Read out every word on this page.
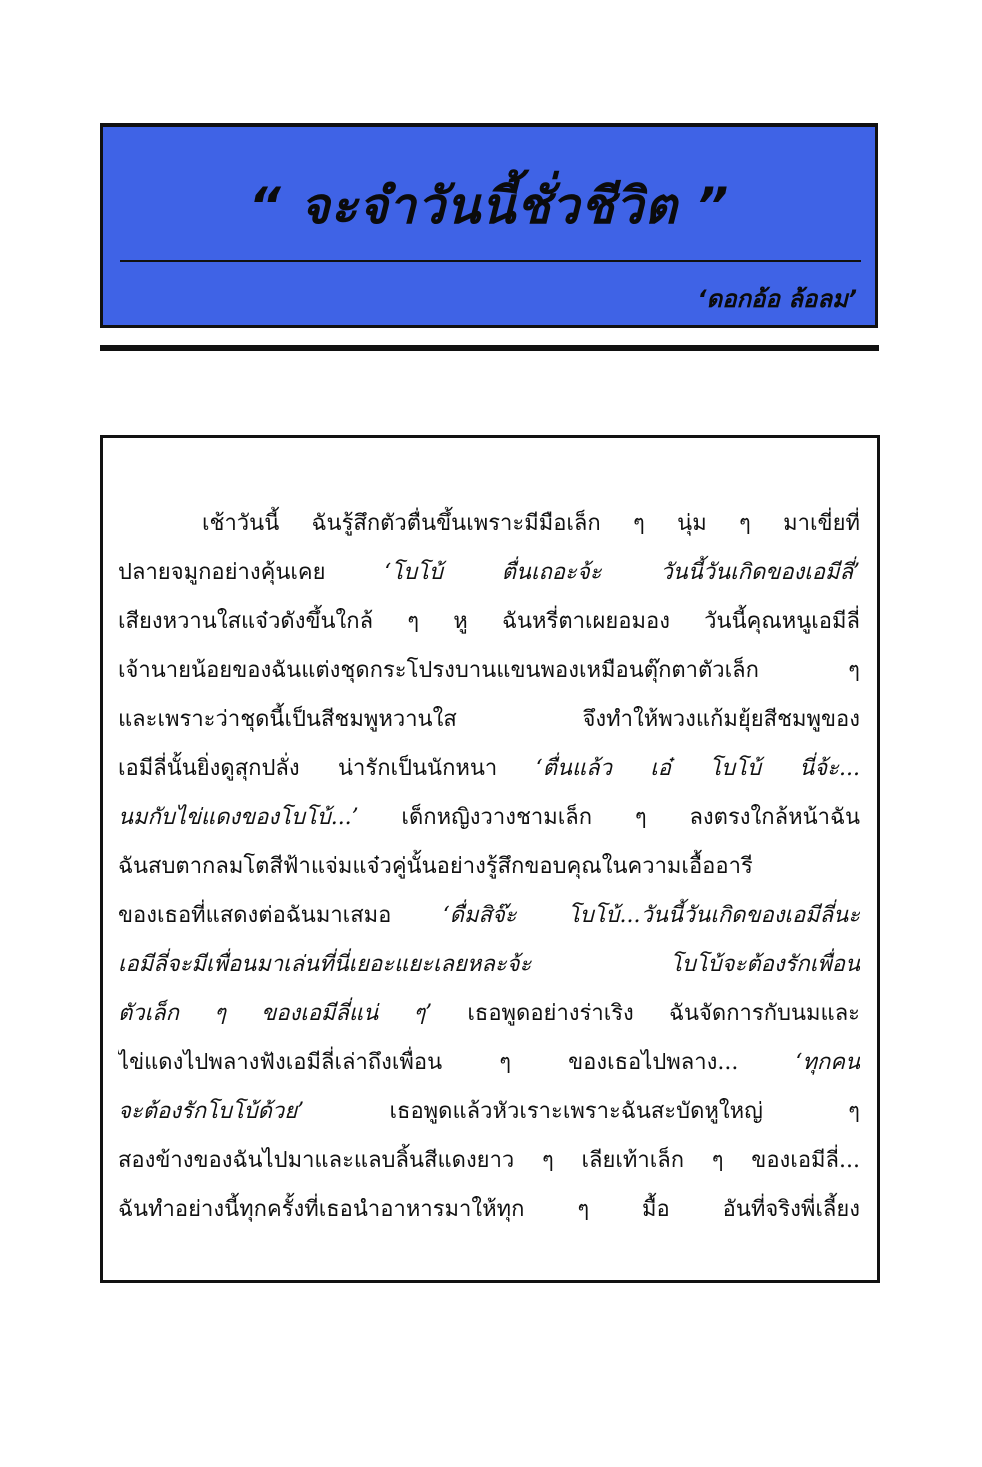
“ จะจำวันนี้ชั่วชีวิต ”
‘ดอกอ้อ ล้อลม’
เช้าวันนี้ ฉันรู้สึกตัวตื่นขึ้นเพราะมีมือเล็ก ๆ นุ่ม ๆ มาเขี่ยที่
ปลายจมูกอย่างคุ้นเคย ‘โบโบ้ ตื่นเถอะจ้ะ วันนี้วันเกิดของเอมีลี่’
เสียงหวานใสแจ๋วดังขึ้นใกล้ ๆ หู ฉันหรี่ตาเผยอมอง วันนี้คุณหนูเอมีลี่
เจ้านายน้อยของฉันแต่งชุดกระโปรงบานแขนพองเหมือนตุ๊กตาตัวเล็ก ๆ
และเพราะว่าชุดนี้เป็นสีชมพูหวานใส จึงทำให้พวงแก้มยุ้ยสีชมพูของ
เอมีลี่นั้นยิ่งดูสุกปลั่ง น่ารักเป็นนักหนา ‘ตื่นแล้ว เอ๋ โบโบ้ นี่จ้ะ...
นมกับไข่แดงของโบโบ้...’ เด็กหญิงวางชามเล็ก ๆ ลงตรงใกล้หน้าฉัน
ฉันสบตากลมโตสีฟ้าแจ่มแจ๋วคู่นั้นอย่างรู้สึกขอบคุณในความเอื้ออารี
ของเธอที่แสดงต่อฉันมาเสมอ ‘ดื่มสิจ๊ะ โบโบ้...วันนี้วันเกิดของเอมีลี่นะ
เอมีลี่จะมีเพื่อนมาเล่นที่นี่เยอะแยะเลยหละจ้ะ โบโบ้จะต้องรักเพื่อน
ตัวเล็ก ๆ ของเอมีลี่แน่ ๆ’ เธอพูดอย่างร่าเริง ฉันจัดการกับนมและ
ไข่แดงไปพลางฟังเอมีลี่เล่าถึงเพื่อน ๆ ของเธอไปพลาง... ‘ทุกคน
จะต้องรักโบโบ้ด้วย’ เธอพูดแล้วหัวเราะเพราะฉันสะบัดหูใหญ่ ๆ
สองข้างของฉันไปมาและแลบลิ้นสีแดงยาว ๆ เลียเท้าเล็ก ๆ ของเอมีลี่...
ฉันทำอย่างนี้ทุกครั้งที่เธอนำอาหารมาให้ทุก ๆ มื้อ อันที่จริงพี่เลี้ยง
